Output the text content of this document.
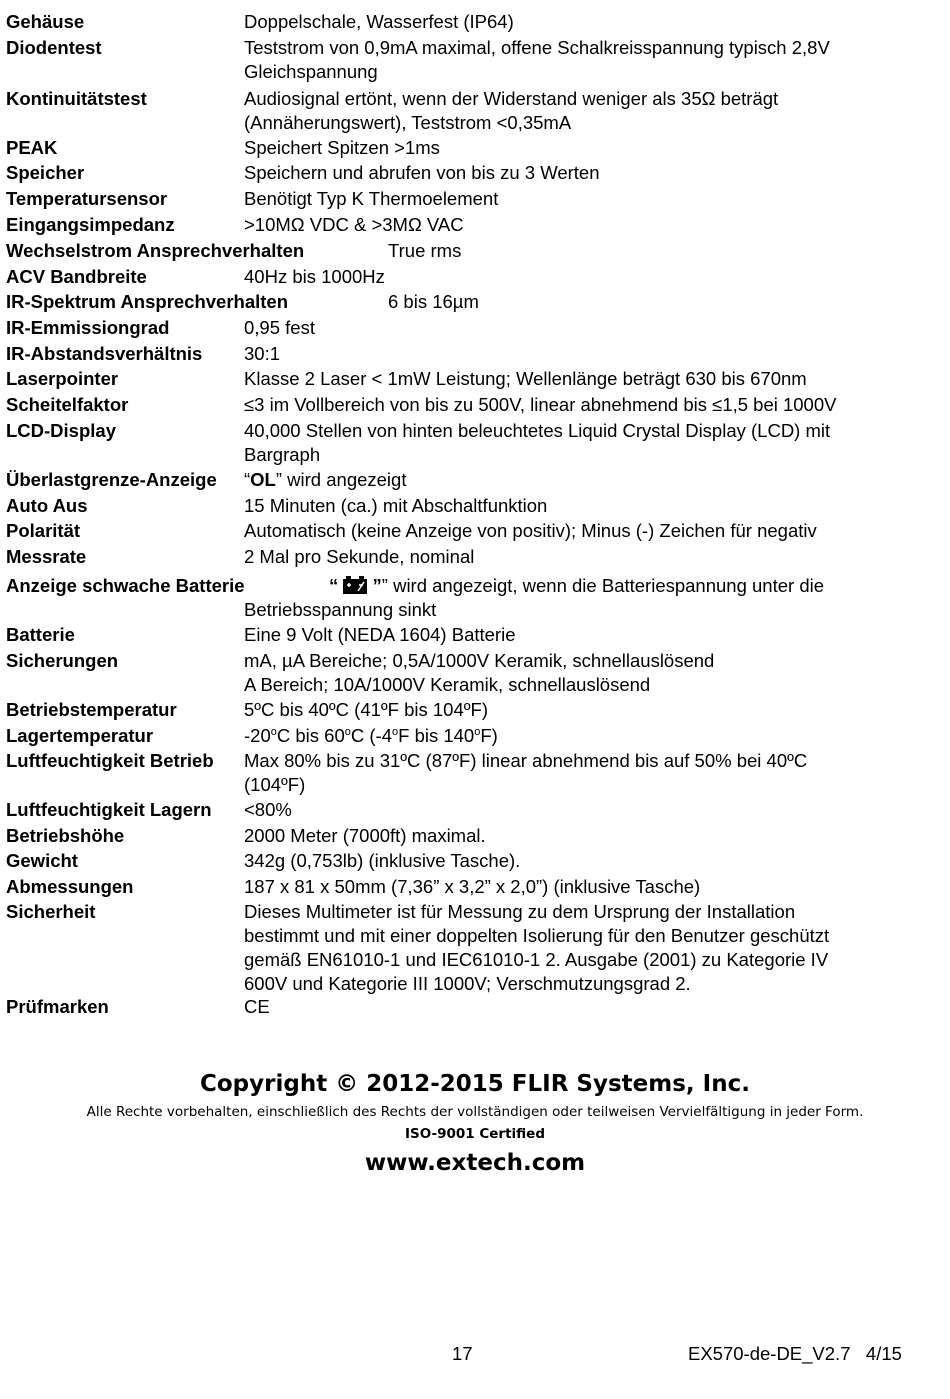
Gehäuse	Doppelschale, Wasserfest (IP64)
Diodentest	Teststrom von 0,9mA maximal, offene Schalkreisspannung typisch 2,8V
Gleichspannung
Kontinuitätstest	Audiosignal ertönt, wenn der Widerstand weniger als 35Ω beträgt
(Annäherungswert), Teststrom <0,35mA
PEAK	Speichert Spitzen >1ms
Speicher	Speichern und abrufen von bis zu 3 Werten
Temperatursensor	Benötigt Typ K Thermoelement
Eingangsimpedanz	>10MΩ VDC & >3MΩ VAC
Wechselstrom Ansprechverhalten	True rms
ACV Bandbreite	40Hz bis 1000Hz
IR-Spektrum Ansprechverhalten	6 bis 16µm
IR-Emmissiongrad	0,95 fest
IR-Abstandsverhältnis 30:1
Laserpointer	Klasse 2 Laser < 1mW Leistung; Wellenlänge beträgt 630 bis 670nm
Scheitelfaktor	≤3 im Vollbereich von bis zu 500V, linear abnehmend bis ≤1,5 bei 1000V
LCD-Display	40,000 Stellen von hinten beleuchtetes Liquid Crystal Display (LCD) mit
Bargraph
Überlastgrenze-Anzeige “OL” wird angezeigt
Auto Aus	15 Minuten (ca.) mit Abschaltfunktion
Polarität	Automatisch (keine Anzeige von positiv); Minus (-) Zeichen für negativ
Messrate	2 Mal pro Sekunde, nominal
Anzeige schwache Batterie	“ ”” wird angezeigt, wenn die Batteriespannung unter die
Betriebsspannung sinkt
Batterie	Eine 9 Volt (NEDA 1604) Batterie
Sicherungen	mA, µA Bereiche; 0,5A/1000V Keramik, schnellauslösend
A Bereich; 10A/1000V Keramik, schnellauslösend
Betriebstemperatur	5ºC bis 40ºC (41ºF bis 104ºF)
Lagertemperatur	-20$^o$C bis 60$^o$C (-4$^o$F bis 140$^o$F)
Luftfeuchtigkeit Betrieb Max 80% bis zu 31ºC (87ºF) linear abnehmend bis auf 50% bei 40ºC
(104ºF)
Luftfeuchtigkeit Lagern <80%
Betriebshöhe	2000 Meter (7000ft) maximal.
Gewicht	342g (0,753lb) (inklusive Tasche).
Abmessungen	187 x 81 x 50mm (7,36” x 3,2” x 2,0”) (inklusive Tasche)
Sicherheit	Dieses Multimeter ist für Messung zu dem Ursprung der Installation
bestimmt und mit einer doppelten Isolierung für den Benutzer geschützt
gemäß EN61010-1 und IEC61010-1 2. Ausgabe (2001) zu Kategorie IV
600V und Kategorie III 1000V; Verschmutzungsgrad 2.
Prüfmarken	CE
Copyright © 2012-2015 FLIR Systems, Inc.
Alle Rechte vorbehalten, einschließlich des Rechts der vollständigen oder teilweisen Vervielfältigung in jeder Form.
ISO-9001 Certified
www.extech.com
17	EX570-de-DE_V2.7   4/15
